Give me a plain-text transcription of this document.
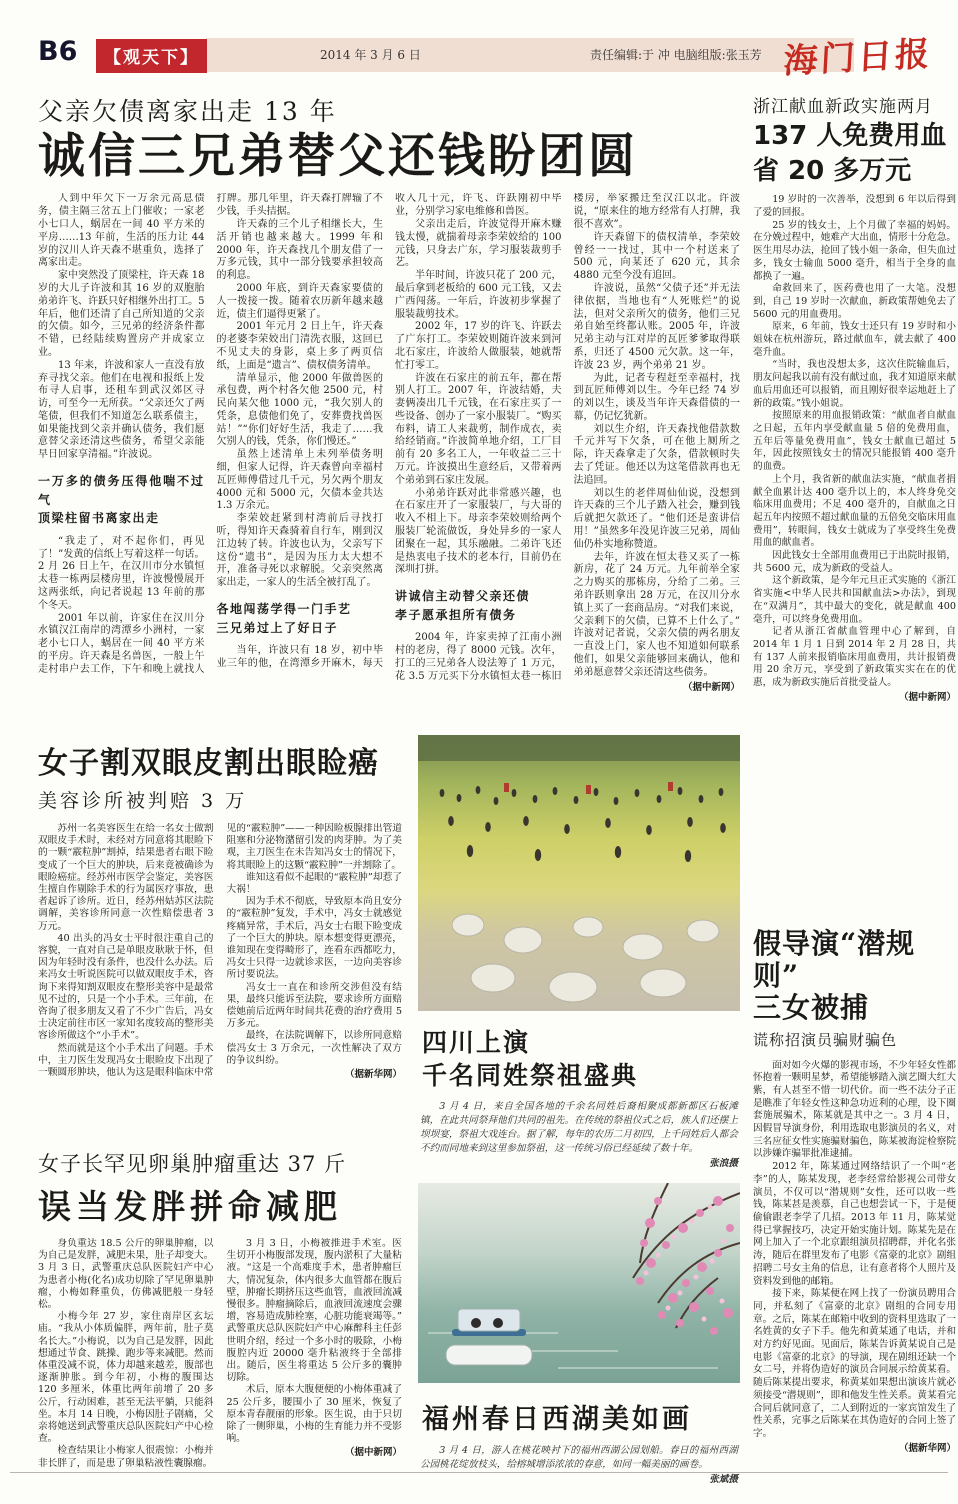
B6	【观天下】	2014 年 3 月 6 日	责任编辑:于 冲 电脑组版:张玉芳 海门日报
父亲欠债离家出走 13 年
诚信三兄弟替父还钱盼团圆

人到中年欠下一万余元高息债务，债主隔三岔五上门催收；一家老小七口人，蜗居在一间 40 平方米的平房……13 年前，生活的压力让 44 岁的汉川人许天森不堪重负，选择了离家出走。

家中突然没了顶梁柱，许天森 18 岁的大儿子许波和其 16 岁的双胞胎弟弟许飞、许跃只好相继外出打工。5 年后，他们还清了自己所知道的父亲的欠债。如今，三兄弟的经济条件都不错，已经陆续购置房产并成家立业。

13 年来，许波和家人一直没有放弃寻找父亲。他们在电视和报纸上发布寻人启事，还租车到武汉郊区寻访，可至今一无所获。“父亲还欠了两笔债，但我们不知道怎么联系债主，如果能找到父亲并确认债务，我们愿意替父亲还清这些债务，希望父亲能早日回家享清福。”许波说。

一万多的债务压得他喘不过气
顶梁柱留书离家出走

“我走了，对不起你们，再见了！”发黄的信纸上写着这样一句话。2 月 26 日上午，在汉川市分水镇恒太巷一栋两层楼房里，许波慢慢展开这两张纸，向记者说起 13 年前的那个冬天。

2001 年以前，许家住在汉川分水镇汉江南岸的湾潭乡小洲村，一家老小七口人，蜗居在一间 40 平方米的平房。许天森是名兽医，一般上午走村串户去工作，下午和晚上就找人打牌。那几年里，许天森打牌输了不少钱，手头拮据。

许天森的三个儿子相继长大，生活开销也越来越大。1999 年和 2000 年，许天森找几个朋友借了一万多元钱，其中一部分钱要承担较高的利息。

2000 年底，到许天森家要债的人一拨接一拨。随着农历新年越来越近，债主们逼得更紧了。

2001 年元月 2 日上午，许天森的老婆李荣姣出门清洗衣服，这回已不见丈夫的身影，桌上多了两页信纸，上面是“遗言”、债权债务清单。

清单显示，他 2000 年做兽医的承包费，两个村各欠他 2500 元，村民向某欠他 1000 元，“我欠别人的凭条，息债他们免了，安葬费找兽医站！”“你们好好生活，我走了……我欠别人的钱，凭条，你们慢还。”

虽然上述清单上未列举债务明细，但家人记得，许天森曾向幸福村瓦匠师傅借过几千元，另欠两个朋友 4000 元和 5000 元，欠债本金共达 1.3 万余元。

李荣姣赶紧到村湾前后寻找打听，得知许天森骑着自行车，刚到汉江边转了转。许波也认为，父亲写下这份“遗书”，是因为压力太大想不开，准备寻死以求解脱。父亲突然离家出走，一家人的生活全被打乱了。

各地闯荡学得一门手艺
三兄弟过上了好日子

当年，许波只有 18 岁，初中毕业三年的他，在湾潭乡开麻木，每天收入几十元，许飞、许跃刚初中毕业，分别学习家电维修和兽医。

父亲出走后，许波觉得开麻木赚钱太慢，就揣着母亲李荣姣给的 100 元钱，只身去广东，学习服装裁剪手艺。

半年时间，许波只花了 200 元，最后拿到老板给的 600 元工钱，又去广西闯荡。一年后，许波初步掌握了服装裁剪技术。

2002 年，17 岁的许飞、许跃去了广东打工。李荣姣则随许波来到河北石家庄，许波给人做服装，她就帮忙打零工。

许波在石家庄的前五年，都在帮别人打工。2007 年，许波结婚，夫妻俩凑出几千元钱，在石家庄买了一些设备、创办了一家小服装厂。“购买布料，请工人来裁剪，制作成衣，卖给经销商。”许波简单地介绍，工厂目前有 20 多名工人，一年收益二三十万元。许波摸出生意经后，又带着两个弟弟到石家庄发展。

小弟弟许跃对此非常感兴趣，也在石家庄开了一家服装厂，与大哥的收入不相上下。母亲李荣姣则给两个服装厂轮流做饭，身处异乡的一家人团聚在一起，其乐融融。二弟许飞还是热衷电子技术的老本行，目前仍在深圳打拼。

讲诚信主动替父亲还债
孝子愿承担所有债务

2004 年，许家卖掉了江南小洲村的老房，得了 8000 元钱。次年，打工的三兄弟各人设法筹了 1 万元，花 3.5 万元买下分水镇恒太巷一栋旧楼房，举家搬迁至汉江以北。许波说，“原来住的地方经常有人打牌，我很不喜欢”。

许天森留下的债权清单，李荣姣曾经一一找过，其中一个村送来了 500 元，向某还了 620 元，其余 4880 元至今没有追回。

许波说，虽然“父债子还”并无法律依据，当地也有“人死账烂”的说法，但对父亲所欠的债务，他们三兄弟自始至终都认账。2005 年，许波兄弟主动与江对岸的瓦匠爹爹取得联系，归还了 4500 元欠款。这一年，许波 23 岁，两个弟弟 21 岁。

为此，记者专程赶至幸福村，找到瓦匠师傅刘以生。今年已经 74 岁的刘以生，谈及当年许天森借债的一幕，仍记忆犹新。

刘以生介绍，许天森找他借款数千元并写下欠条，可在他上厕所之际，许天森拿走了欠条，借款顿时失去了凭证。他还以为这笔借款再也无法追回。

刘以生的老伴周仙仙说，没想到许天森的三个儿子踏入社会，赚到钱后就把欠款还了。“他们还是蛮讲信用！”虽然多年没见许波三兄弟，周仙仙仍朴实地称赞道。

去年，许波在恒太巷又买了一栋新房，花了 24 万元。九年前举全家之力购买的那栋房，分给了二弟。三弟许跃则拿出 28 万元，在汉川分水镇上买了一套商品房。“对我们来说，父亲剩下的欠债，已算不上什么了。”许波对记者说，父亲欠债的两名朋友一直没上门，家人也不知道如何联系他们，如果父亲能够回来确认，他和弟弟愿意替父亲还清这些债务。

（据中新网）

浙江献血新政实施两月
137 人免费用血
省 20 多万元

19 岁时的一次善举，没想到 6 年以后得到了爱的回报。

25 岁的钱女士，上个月做了幸福的妈妈。在分娩过程中，她难产大出血，情形十分危急。医生用尽办法，抢回了钱小姐一条命，但失血过多，钱女士输血 5000 毫升，相当于全身的血都换了一遍。

命救回来了，医药费也用了一大笔。没想到，自己 19 岁时一次献血，新政策帮她免去了 5600 元的用血费用。

原来，6 年前，钱女士还只有 19 岁时和小姐妹在杭州游玩，路过献血车，就去献了 400 毫升血。

“当时，我也没想太多，这次住院输血后，朋友问起我以前有没有献过血，我才知道原来献血后用血还可以报销，而且刚好很幸运地赶上了新的政策。”钱小姐说。

按照原来的用血报销政策：“献血者自献血之日起，五年内享受献血量 5 倍的免费用血，五年后等量免费用血”，钱女士献血已超过 5 年，因此按照钱女士的情况只能报销 400 毫升的血费。

上个月，我省新的献血法实施，“献血者捐献全血累计达 400 毫升以上的，本人终身免交临床用血费用；不足 400 毫升的，自献血之日起五年内按照不超过献血量的五倍免交临床用血费用”，转眼间，钱女士就成为了享受终生免费用血的献血者。

因此钱女士全部用血费用已于出院时报销，共 5600 元，成为新政的受益人。

这个新政策，是今年元旦正式实施的《浙江省实施<中华人民共和国献血法>办法》，到现在“双满月”，其中最大的变化，就是献血 400 毫升，可以终身免费用血。

记者从浙江省献血管理中心了解到，自 2014 年 1 月 1 日到 2014 年 2 月 28 日，共有 137 人前来报销临床用血费用，共计报销费用 20 余万元，享受到了新政策实实在在的优惠，成为新政实施后首批受益人。

（据中新网）

假导演“潜规则”
三女被捕
谎称招演员骗财骗色

面对如今火爆的影视市场，不少年轻女性都怀抱着一颗明星梦，希望能够踏入演艺圈大红大紫，有人甚至不惜一切代价。而一些不法分子正是瞧准了年轻女性这种急功近利的心理，设下圈套施展骗术，陈某就是其中之一。3 月 4 日，因假冒导演身份，利用选取电影演员的名义，对三名应征女性实施骗财骗色，陈某被海淀检察院以涉嫌诈骗罪批准逮捕。

2012 年，陈某通过网络结识了一个叫“老李”的人，陈某发现，老李经常给影视公司带女演员，不仅可以“潜规则”女性，还可以收一些钱，陈某甚是羡慕，自己也想尝试一下，于是便偷偷跟老李学了几招。2013 年 11 月，陈某觉得已掌握技巧，决定开始实施计划。陈某先是在网上加入了一个北京跟组演员招聘群，并化名张涛，随后在群里发布了电影《富豪的北京》剧组招聘二号女主角的信息，让有意者将个人照片及资料发到他的邮箱。

接下来，陈某便在网上找了一份演员聘用合同，并私刻了《富豪的北京》剧组的合同专用章。之后，陈某在邮箱中收到的资料里选取了一名姓黄的女子下手。他先和黄某通了电话，并和对方约好见面。见面后，陈某告诉黄某说自己是电影《富豪的北京》的导演，现在剧组还缺一个女二号，并将伪造好的演员合同展示给黄某看。随后陈某提出要求，称黄某如果想出演该片就必须接受“潜规则”，即和他发生性关系。黄某看完合同后就同意了，二人到附近的一家宾馆发生了性关系，完事之后陈某在其伪造好的合同上签了字。

（据新华网）

女子割双眼皮割出眼睑癌
美容诊所被判赔 3 万

苏州一名美容医生在给一名女士做割双眼皮手术时，未经对方同意将其眼睑下的一颗“霰粒肿”割掉，结果患者右眼下睑变成了一个巨大的肿块，后来竟被确诊为眼睑癌症。经苏州市医学会鉴定，美容医生擅自作剔除手术的行为属医疗事故，患者起诉了诊所。近日，经苏州姑苏区法院调解，美容诊所同意一次性赔偿患者 3 万元。

40 出头的冯女士平时很注重自己的容貌，一直对自己是单眼皮耿耿于怀，但因为年轻时没有条件，也没什么办法。后来冯女士听说医院可以做双眼皮手术，咨询下来得知割双眼皮在整形美容中是最常见不过的，只是一个小手术。三年前，在咨询了很多朋友又看了不少广告后，冯女士决定前往市区一家知名度较高的整形美容诊所做这个“小手术”。

然而就是这个小手术出了问题。手术中，主刀医生发现冯女士眼睑皮下出现了一颗圆形肿块，他认为这是眼科临床中常见的“霰粒肿”——一种因睑板腺排出管道阻塞和分泌物潴留引发的肉芽肿。为了美观，主刀医生在未告知冯女士的情况下，将其眼睑上的这颗“霰粒肿”一并割除了。

谁知这看似不起眼的“霰粒肿”却惹了大祸！

因为手术不彻底，导致原本尚且安分的“霰粒肿”复发，手术中，冯女士就感觉疼痛异常，手术后，冯女士右眼下睑变成了一个巨大的肿块。原本想变得更漂亮，谁知现在变得畸形了，连看东西都吃力，冯女士只得一边就诊求医，一边向美容诊所讨要说法。

冯女士一直在和诊所交涉但没有结果，最终只能诉至法院，要求诊所方面赔偿她前后近两年时间共花费的治疗费用 5 万多元。

最终，在法院调解下，以诊所同意赔偿冯女士 3 万余元，一次性解决了双方的争议纠纷。

（据新华网）

女子长罕见卵巢肿瘤重达 37 斤
误当发胖拼命减肥

身负重达 18.5 公斤的卵巢肿瘤，以为自己是发胖，减肥未果，肚子却变大。3 月 3 日，武警重庆总队医院妇产中心为患者小梅(化名)成功切除了罕见卵巢肿瘤，小梅如释重负，仿佛减肥般一身轻松。

小梅今年 27 岁，家住南岸区玄坛庙。“我从小体质偏胖，两年前，肚子莫名长大。”小梅说，以为自己是发胖，因此想通过节食、跳操、跑步等来减肥。然而体重没减不说，体力却越来越差，腹部也逐渐肿胀。到今年初，小梅的腹围达 120 多厘米，体重比两年前增了 20 多公斤，行动困难，甚至无法平躺，只能斜坐。本月 14 日晚，小梅因肚子剧痛，父亲将她送到武警重庆总队医院妇产中心检查。

检查结果让小梅家人很震惊：小梅并非长胖了，而是患了卵巢粘液性囊腺瘤。

3 月 3 日，小梅被推进手术室。医生切开小梅腹部发现，腹内淤积了大量粘液。“这是一个高难度手术，患者肿瘤巨大，情况复杂，体内很多大血管都在腹后壁，肿瘤长期挤压这些血管，血液回流减慢很多。肿瘤摘除后，血液回流速度会骤增，容易造成肺栓塞，心脏功能衰竭等。”武警重庆总队医院妇产中心麻醉科主任彭世明介绍，经过一个多小时的吸除，小梅腹腔内近 20000 毫升粘液终于全部排出。随后，医生将重达 5 公斤多的囊肿切除。

术后，原本大腹便便的小梅体重减了 25 公斤多，腰围小了 30 厘米，恢复了原本青春靓丽的形象。医生说，由于只切除了一侧卵巢，小梅的生育能力并不受影响。

（据中新网）

四川上演
千名同姓祭祖盛典
3 月 4 日，来自全国各地的千余名同姓后裔相聚成都新都区石板滩镇，在此共同祭拜他们共同的祖先。在传统的祭祖仪式之后，族人们还摆上坝坝宴，祭祖大戏连台。据了解，每年的农历二月初四，上千同姓后人都会不约而同地来到这里参加祭祖，这一传统习俗已经延续了数十年。
张浪摄
福州春日西湖美如画
3 月 4 日，游人在桃花映衬下的福州西湖公园划船。春日的福州西湖公园桃花绽放枝头，给榕城增添浓浓的春意，如同一幅美丽的画卷。
张斌摄
